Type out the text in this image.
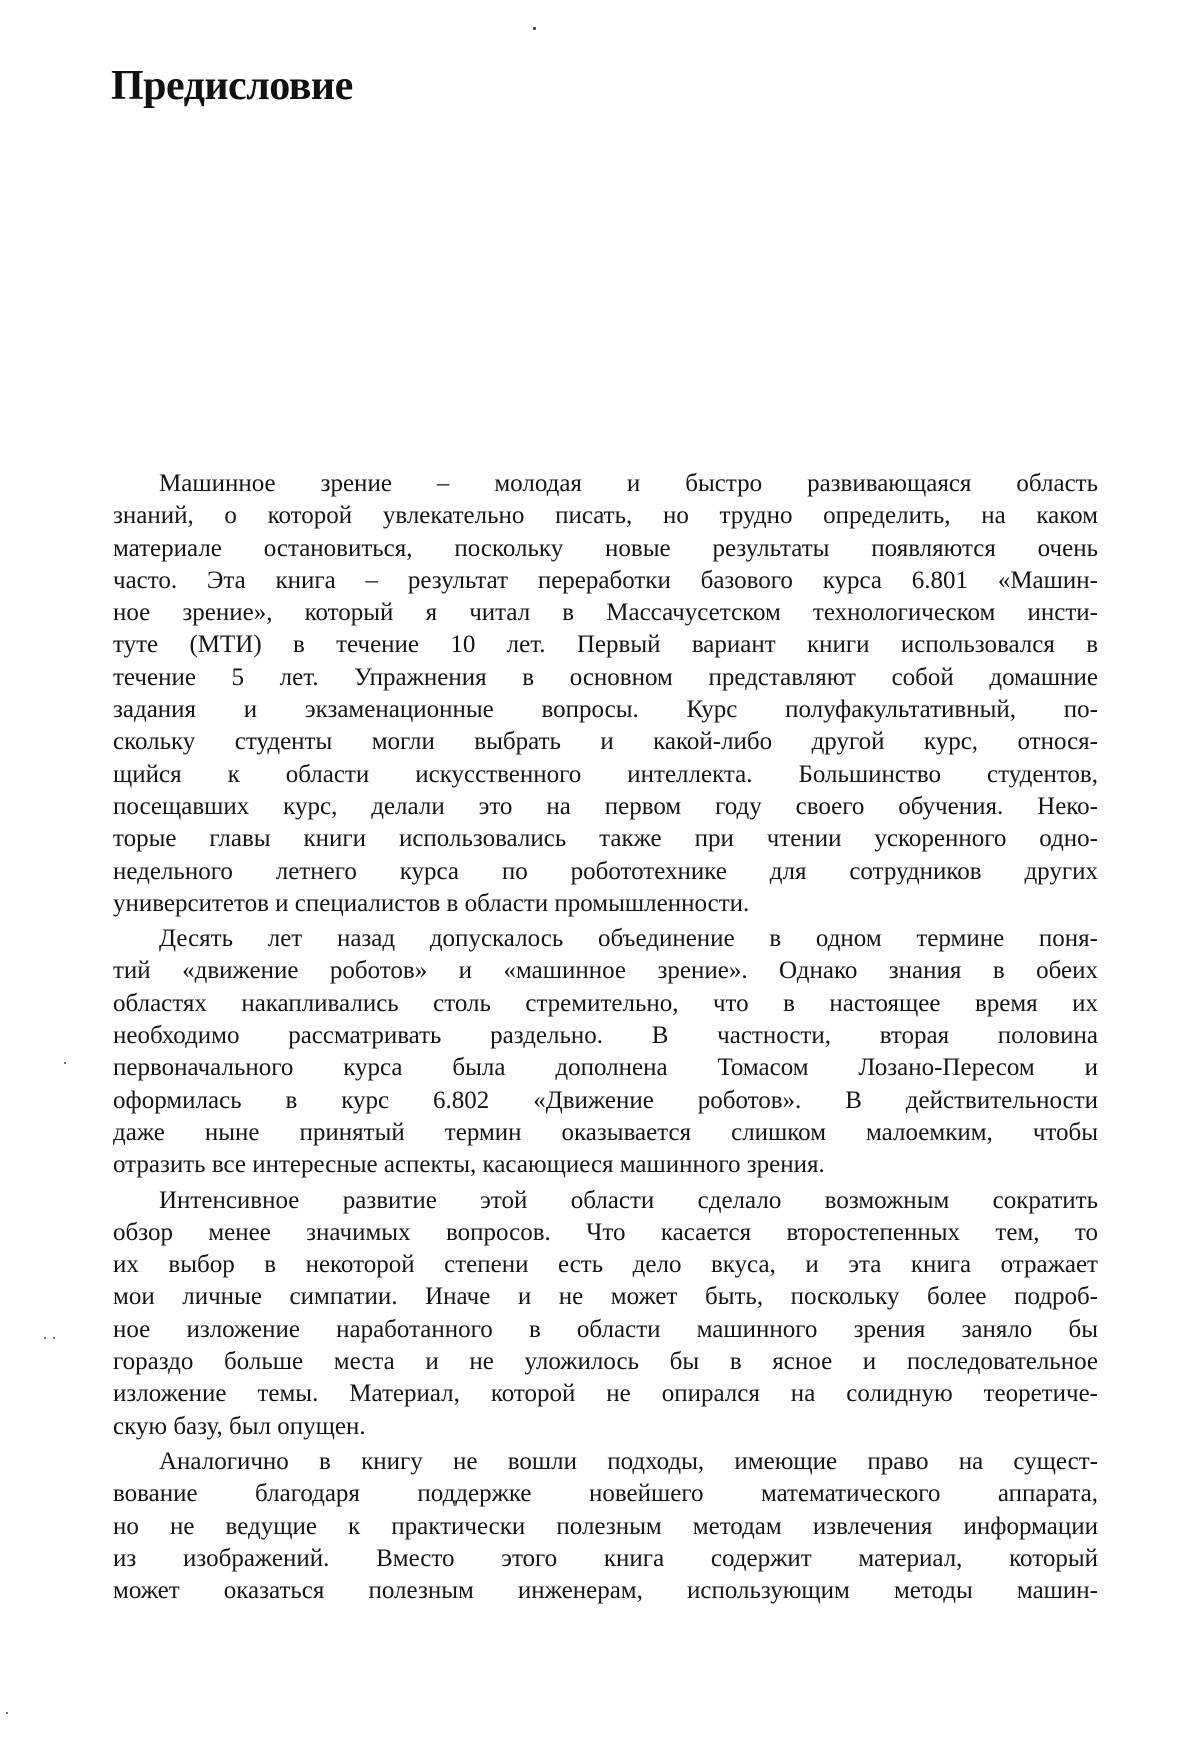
Предисловие

Машинное зрение – молодая и быстро развивающаяся область
знаний, о которой увлекательно писать, но трудно определить, на каком
материале остановиться, поскольку новые результаты появляются очень
часто. Эта книга – результат переработки базового курса 6.801 «Машин-
ное зрение», который я читал в Массачусетском технологическом инсти-
туте (МТИ) в течение 10 лет. Первый вариант книги использовался в
течение 5 лет. Упражнения в основном представляют собой домашние
задания и экзаменационные вопросы. Курс полуфакультативный, по-
скольку студенты могли выбрать и какой-либо другой курс, относя-
щийся к области искусственного интеллекта. Большинство студентов,
посещавших курс, делали это на первом году своего обучения. Неко-
торые главы книги использовались также при чтении ускоренного одно-
недельного летнего курса по робототехнике для сотрудников других
университетов и специалистов в области промышленности.

Десять лет назад допускалось объединение в одном термине поня-
тий «движение роботов» и «машинное зрение». Однако знания в обеих
областях накапливались столь стремительно, что в настоящее время их
необходимо рассматривать раздельно. В частности, вторая половина
первоначального курса была дополнена Томасом Лозано-Пересом и
оформилась в курс 6.802 «Движение роботов». В действительности
даже ныне принятый термин оказывается слишком малоемким, чтобы
отразить все интересные аспекты, касающиеся машинного зрения.

Интенсивное развитие этой области сделало возможным сократить
обзор менее значимых вопросов. Что касается второстепенных тем, то
их выбор в некоторой степени есть дело вкуса, и эта книга отражает
мои личные симпатии. Иначе и не может быть, поскольку более подроб-
ное изложение наработанного в области машинного зрения заняло бы
гораздо больше места и не уложилось бы в ясное и последовательное
изложение темы. Материал, которой не опирался на солидную теоретиче-
скую базу, был опущен.

Аналогично в книгу не вошли подходы, имеющие право на сущест-
вование благодаря поддержке новейшего математического аппарата,
но не ведущие к практически полезным методам извлечения информации
из изображений. Вместо этого книга содержит материал, который
может оказаться полезным инженерам, использующим методы машин-
